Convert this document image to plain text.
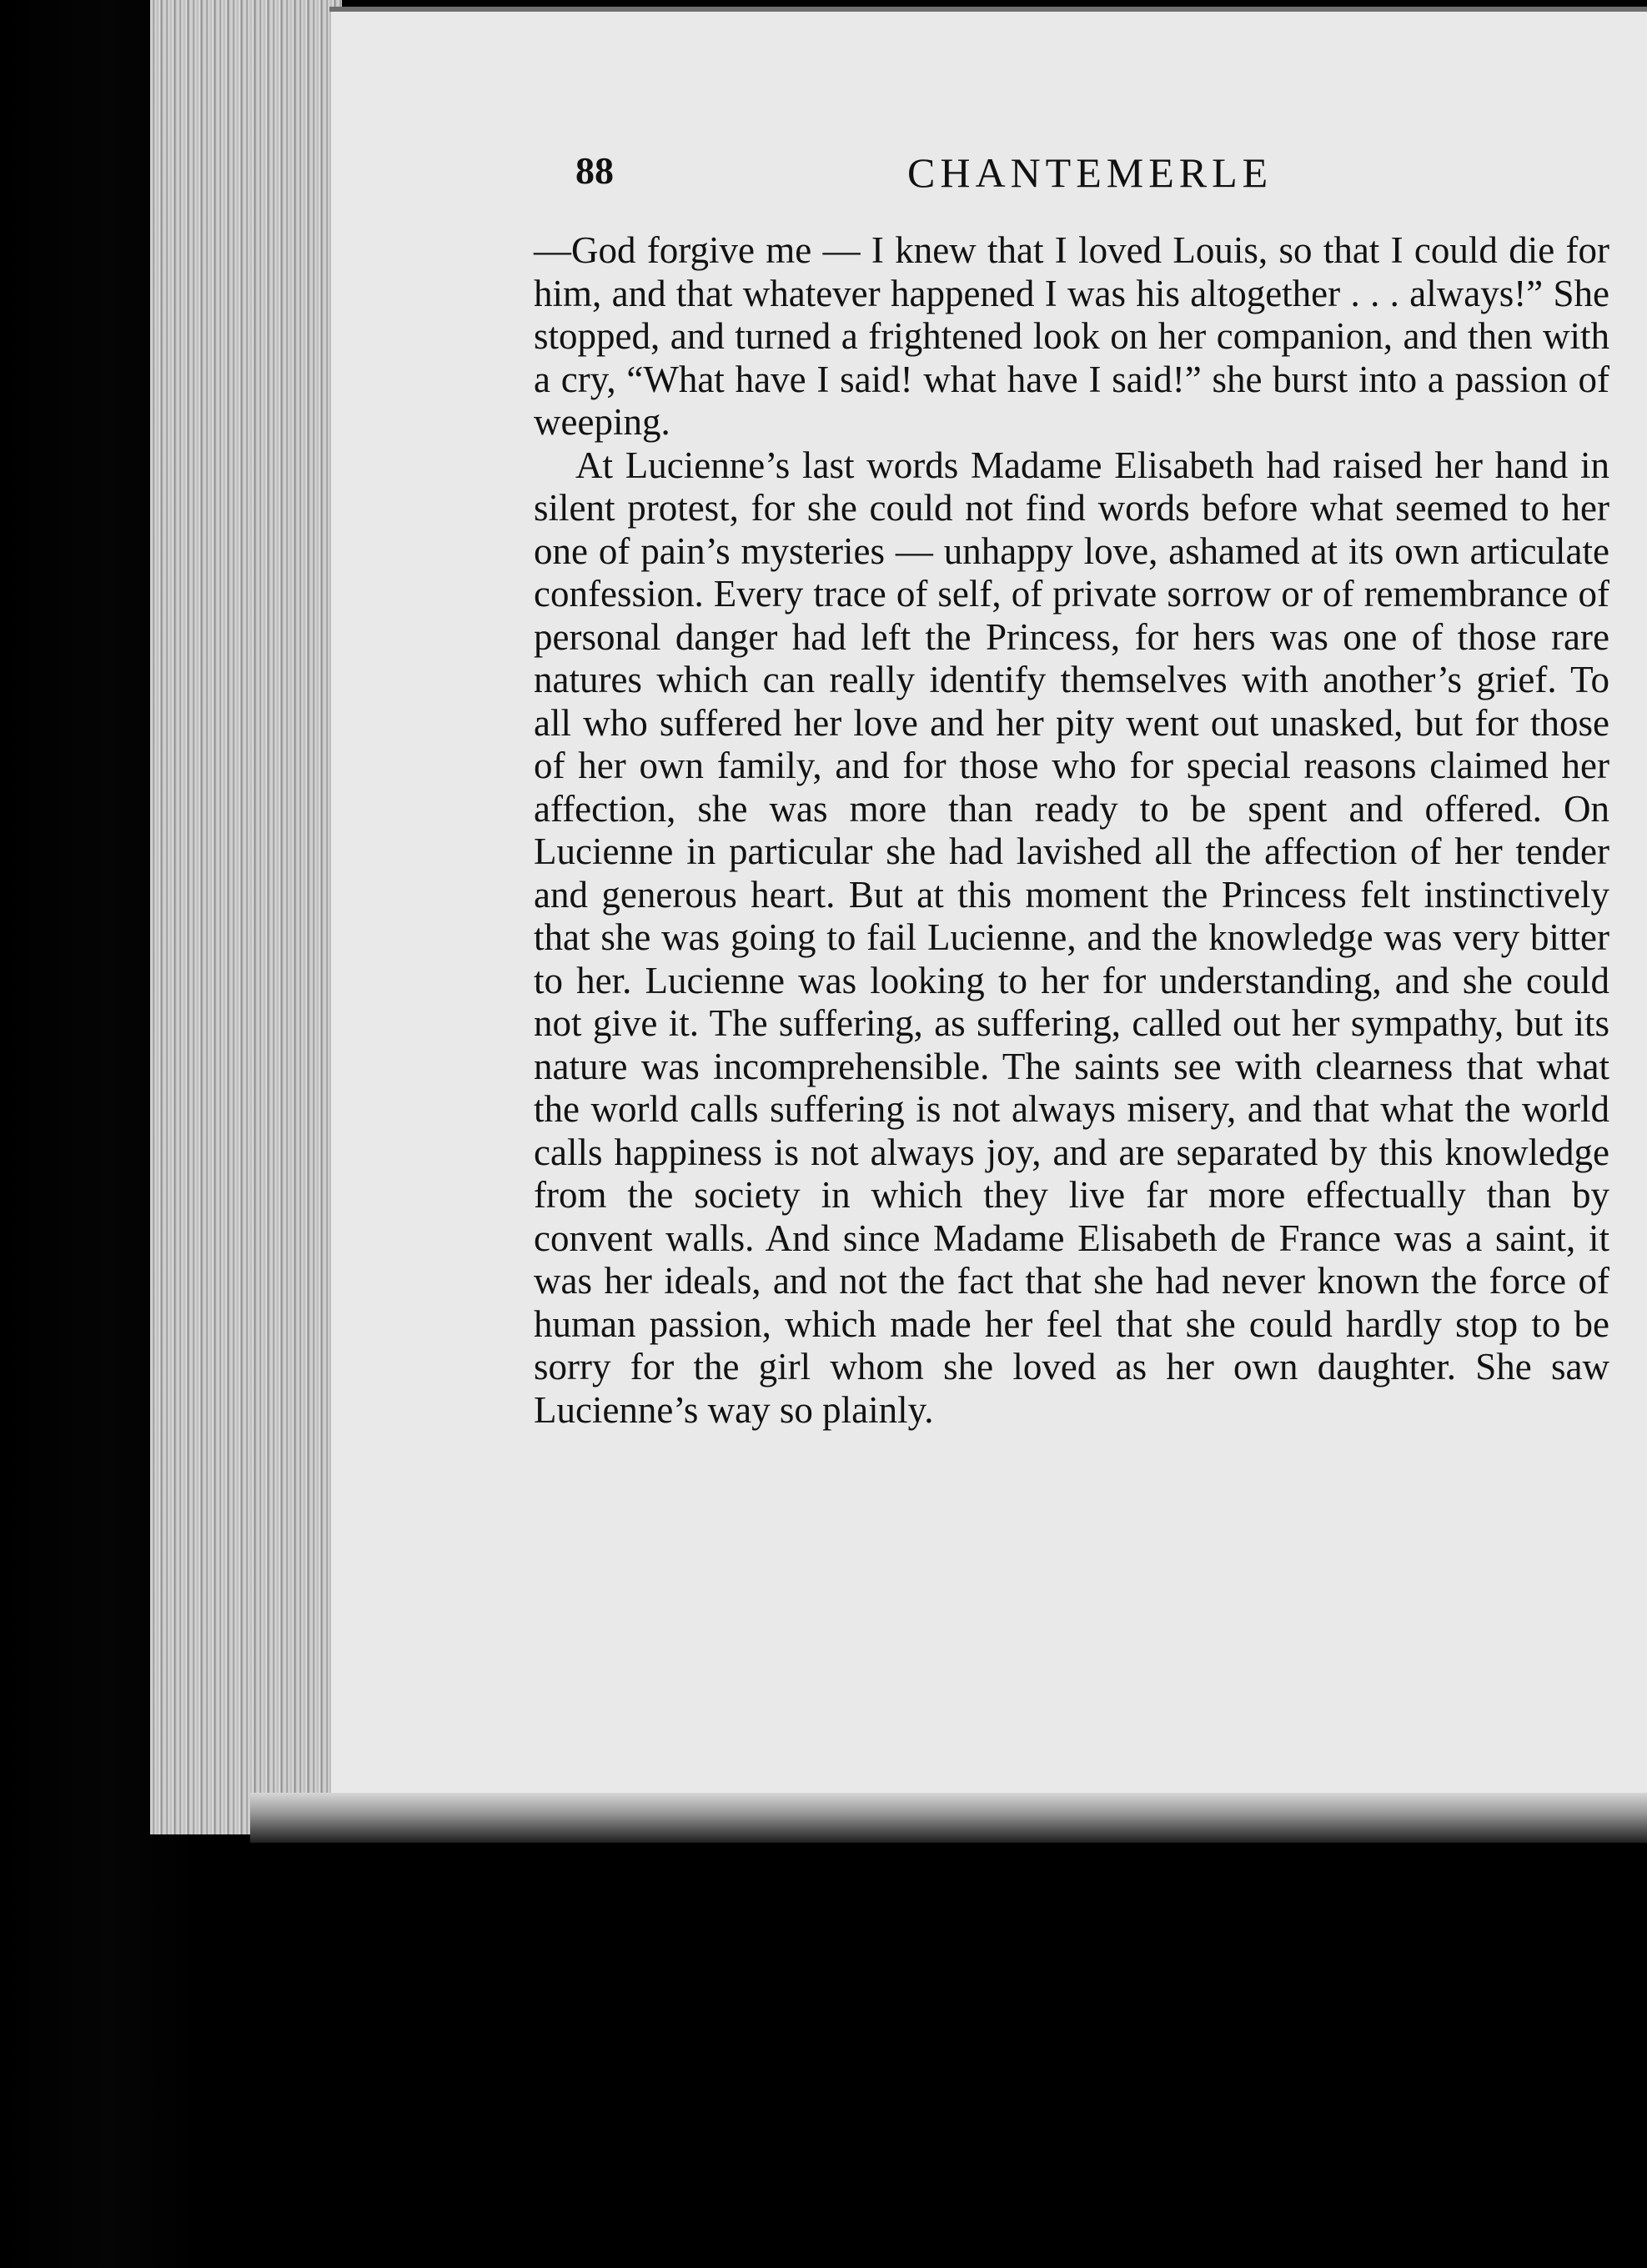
88	CHANTEMERLE

—God forgive me — I knew that I loved Louis, so that I could die for him, and that whatever happened I was his altogether . . . always!” She stopped, and turned a frightened look on her companion, and then with a cry, “What have I said! what have I said!” she burst into a passion of weeping.

At Lucienne’s last words Madame Elisabeth had raised her hand in silent protest, for she could not find words before what seemed to her one of pain’s mysteries — unhappy love, ashamed at its own articulate confession. Every trace of self, of private sorrow or of remembrance of personal danger had left the Princess, for hers was one of those rare natures which can really identify themselves with another’s grief. To all who suffered her love and her pity went out unasked, but for those of her own family, and for those who for special reasons claimed her affection, she was more than ready to be spent and offered. On Lucienne in particular she had lavished all the affection of her tender and generous heart. But at this moment the Princess felt instinctively that she was going to fail Lucienne, and the knowledge was very bitter to her. Lucienne was looking to her for understanding, and she could not give it. The suffering, as suffering, called out her sympathy, but its nature was incomprehensible. The saints see with clearness that what the world calls suffering is not always misery, and that what the world calls happiness is not always joy, and are separated by this knowledge from the society in which they live far more effectually than by convent walls. And since Madame Elisabeth de France was a saint, it was her ideals, and not the fact that she had never known the force of human passion, which made her feel that she could hardly stop to be sorry for the girl whom she loved as her own daughter. She saw Lucienne’s way so plainly.
